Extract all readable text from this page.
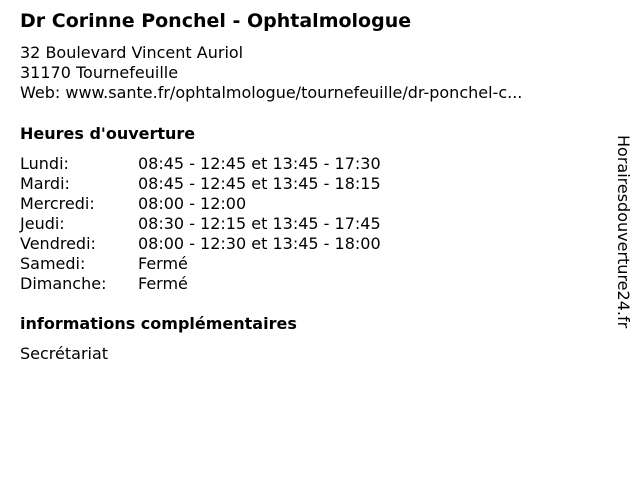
Dr Corinne Ponchel - Ophtalmologue
32 Boulevard Vincent Auriol
31170 Tournefeuille
Web: www.sante.fr/ophtalmologue/tournefeuille/dr-ponchel-c...
Heures d'ouverture
Lundi:	08:45 - 12:45 et 13:45 - 17:30
Mardi:	08:45 - 12:45 et 13:45 - 18:15
Mercredi:	08:00 - 12:00
Jeudi:	08:30 - 12:15 et 13:45 - 17:45
Vendredi:	08:00 - 12:30 et 13:45 - 18:00
Samedi:	Fermé
Dimanche:	Fermé
informations complémentaires
Secrétariat
Horairesdouverture24.fr
